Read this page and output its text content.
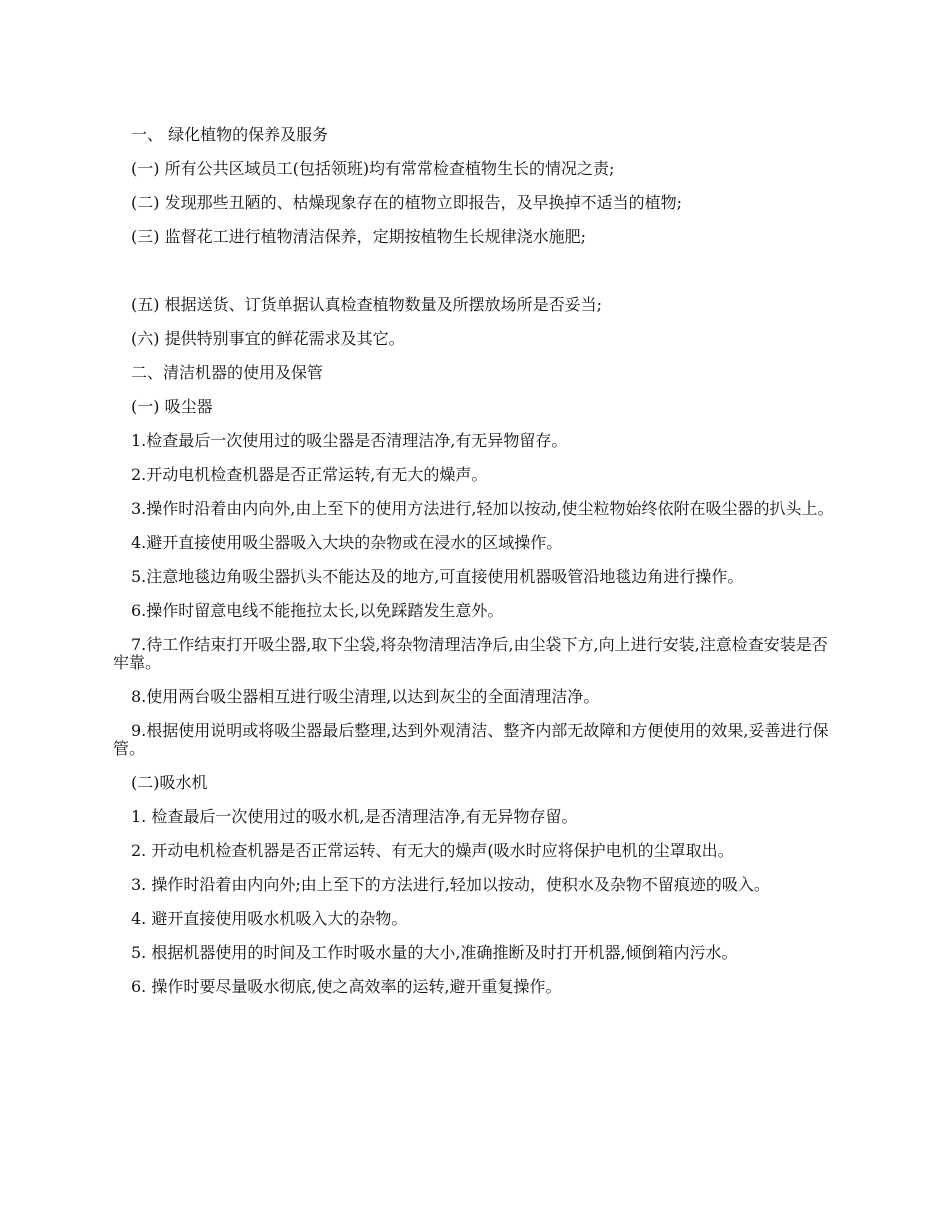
一、 绿化植物的保养及服务

(一) 所有公共区域员工(包括领班)均有常常检查植物生长的情况之责;

(二) 发现那些丑陋的、枯燥现象存在的植物立即报告，及早换掉不适当的植物;

(三) 监督花工进行植物清洁保养，定期按植物生长规律浇水施肥;

(五) 根据送货、订货单据认真检查植物数量及所摆放场所是否妥当;

(六) 提供特别事宜的鲜花需求及其它。

二、清洁机器的使用及保管

(一) 吸尘器

1.检查最后一次使用过的吸尘器是否清理洁净,有无异物留存。

2.开动电机检查机器是否正常运转,有无大的燥声。

3.操作时沿着由内向外,由上至下的使用方法进行,轻加以按动,使尘粒物始终依附在吸尘器的扒头上。

4.避开直接使用吸尘器吸入大块的杂物或在浸水的区域操作。

5.注意地毯边角吸尘器扒头不能达及的地方,可直接使用机器吸管沿地毯边角进行操作。

6.操作时留意电线不能拖拉太长,以免踩踏发生意外。

7.待工作结束打开吸尘器,取下尘袋,将杂物清理洁净后,由尘袋下方,向上进行安装,注意检查安装是否牢靠。

8.使用两台吸尘器相互进行吸尘清理,以达到灰尘的全面清理洁净。

9.根据使用说明或将吸尘器最后整理,达到外观清洁、整齐内部无故障和方便使用的效果,妥善进行保管。

(二)吸水机

1. 检查最后一次使用过的吸水机,是否清理洁净,有无异物存留。

2. 开动电机检查机器是否正常运转、有无大的燥声(吸水时应将保护电机的尘罩取出。

3. 操作时沿着由内向外;由上至下的方法进行,轻加以按动，使积水及杂物不留痕迹的吸入。

4. 避开直接使用吸水机吸入大的杂物。

5. 根据机器使用的时间及工作时吸水量的大小,准确推断及时打开机器,倾倒箱内污水。

6. 操作时要尽量吸水彻底,使之高效率的运转,避开重复操作。
